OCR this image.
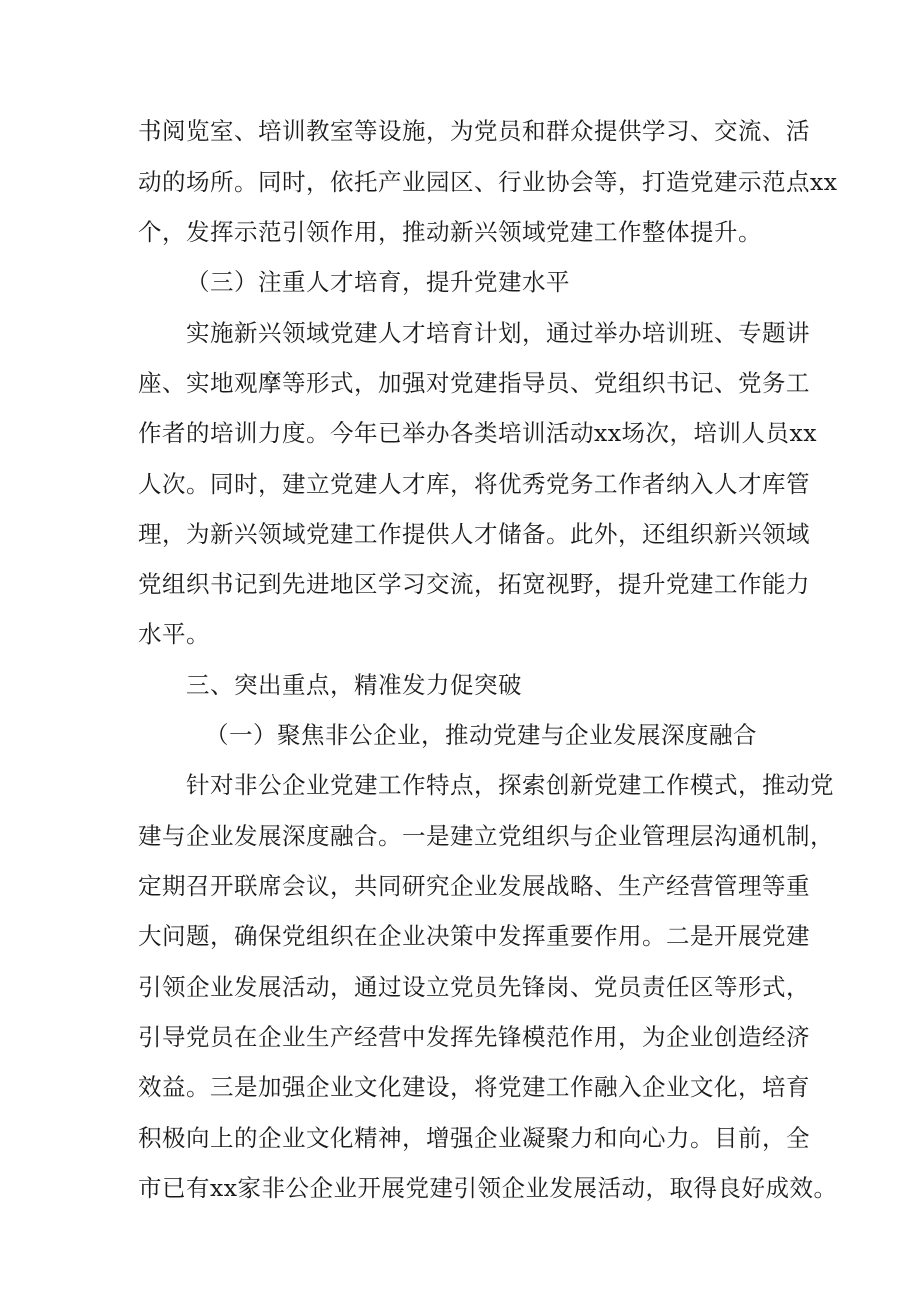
书阅览室、培训教室等设施，为党员和群众提供学习、交流、活
动的场所。同时，依托产业园区、行业协会等，打造党建示范点xx
个，发挥示范引领作用，推动新兴领域党建工作整体提升。
（三）注重人才培育，提升党建水平
实施新兴领域党建人才培育计划，通过举办培训班、专题讲
座、实地观摩等形式，加强对党建指导员、党组织书记、党务工
作者的培训力度。今年已举办各类培训活动xx场次，培训人员xx
人次。同时，建立党建人才库，将优秀党务工作者纳入人才库管
理，为新兴领域党建工作提供人才储备。此外，还组织新兴领域
党组织书记到先进地区学习交流，拓宽视野，提升党建工作能力
水平。
三、突出重点，精准发力促突破
（一）聚焦非公企业，推动党建与企业发展深度融合
针对非公企业党建工作特点，探索创新党建工作模式，推动党
建与企业发展深度融合。一是建立党组织与企业管理层沟通机制，
定期召开联席会议，共同研究企业发展战略、生产经营管理等重
大问题，确保党组织在企业决策中发挥重要作用。二是开展党建
引领企业发展活动，通过设立党员先锋岗、党员责任区等形式，
引导党员在企业生产经营中发挥先锋模范作用，为企业创造经济
效益。三是加强企业文化建设，将党建工作融入企业文化，培育
积极向上的企业文化精神，增强企业凝聚力和向心力。目前，全
市已有xx家非公企业开展党建引领企业发展活动，取得良好成效。
